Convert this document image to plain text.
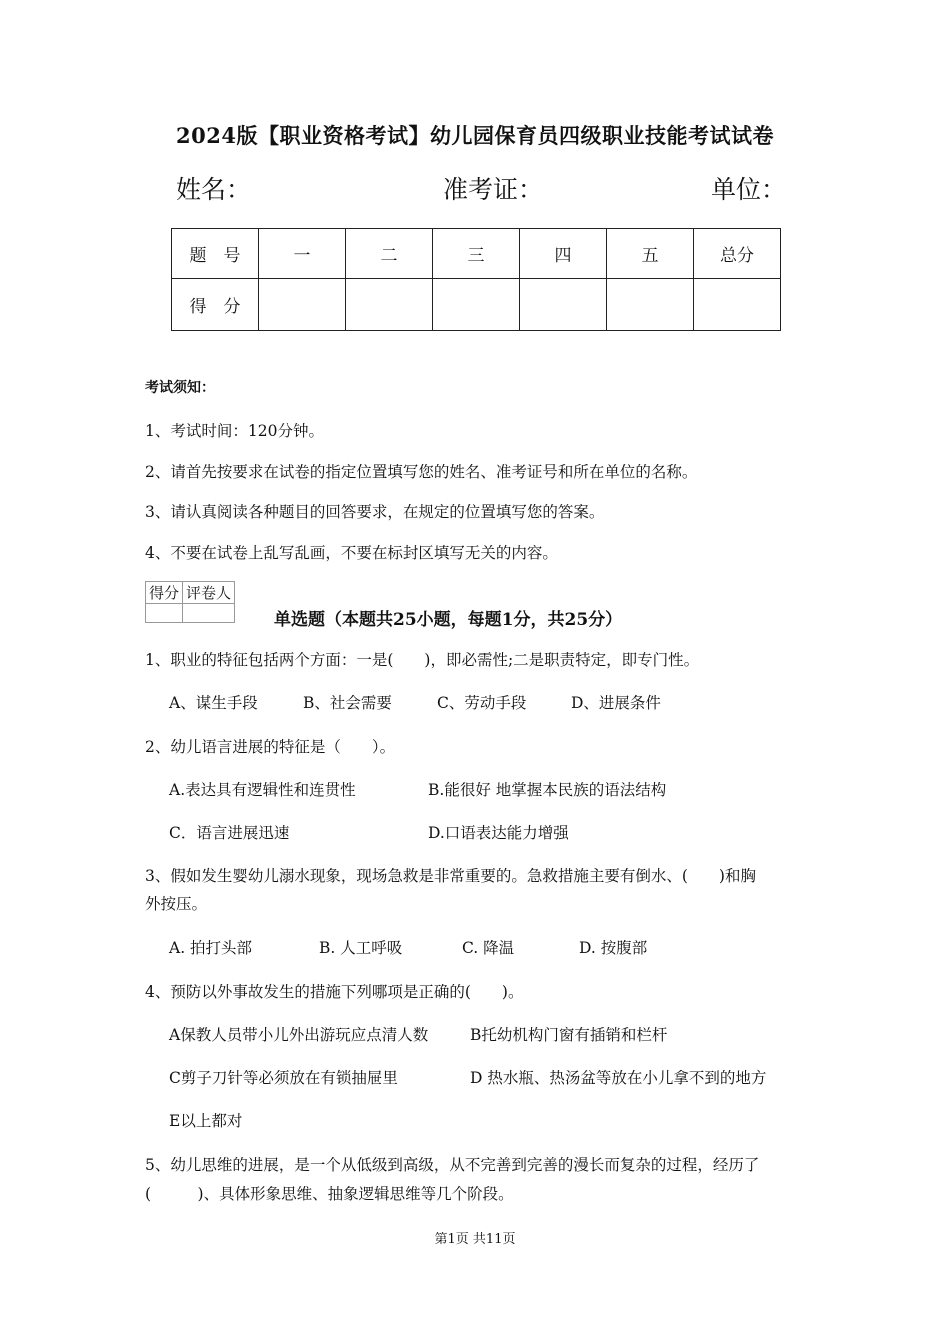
2024版【职业资格考试】幼儿园保育员四级职业技能考试试卷
姓名：	准考证：	单位：
题　号	一	二	三	四	五	总分
得　分						
考试须知：
1、考试时间：120分钟。
2、请首先按要求在试卷的指定位置填写您的姓名、准考证号和所在单位的名称。
3、请认真阅读各种题目的回答要求，在规定的位置填写您的答案。
4、不要在试卷上乱写乱画，不要在标封区填写无关的内容。
得分	评卷人

单选题（本题共25小题，每题1分，共25分）
1、职业的特征包括两个方面：一是(　　)，即必需性;二是职责特定，即专门性。
A、谋生手段	B、社会需要	C、劳动手段	D、进展条件
2、幼儿语言进展的特征是（　　）。
A.表达具有逻辑性和连贯性	B.能很好 地掌握本民族的语法结构
C．语言进展迅速	D.口语表达能力增强
3、假如发生婴幼儿溺水现象，现场急救是非常重要的。急救措施主要有倒水、(　　)和胸
外按压。
A. 拍打头部	B. 人工呼吸	C. 降温	D. 按腹部
4、预防以外事故发生的措施下列哪项是正确的(　　)。
A保教人员带小儿外出游玩应点清人数	B托幼机构门窗有插销和栏杆
C剪子刀针等必须放在有锁抽屉里	D 热水瓶、热汤盆等放在小儿拿不到的地方
E以上都对
5、幼儿思维的进展，是一个从低级到高级，从不完善到完善的漫长而复杂的过程，经历了
(　　　)、具体形象思维、抽象逻辑思维等几个阶段。
第1页 共11页
